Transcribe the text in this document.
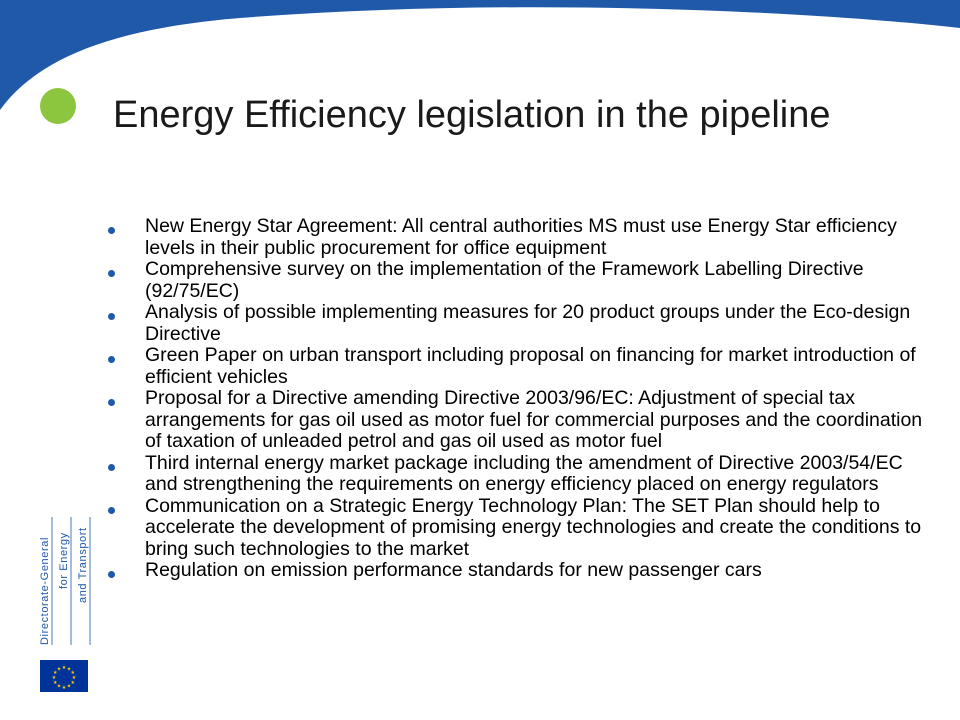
Energy Efficiency legislation in the pipeline
New Energy Star Agreement: All central authorities MS must use Energy Star efficiency levels in their public procurement for office equipment
Comprehensive survey on the implementation of the Framework Labelling Directive (92/75/EC)
Analysis of possible implementing measures for 20 product groups under the Eco-design Directive
Green Paper on urban transport including proposal on financing for market introduction of efficient vehicles
Proposal for a Directive amending Directive 2003/96/EC: Adjustment of special tax arrangements for gas oil used as motor fuel for commercial purposes and the coordination of taxation of unleaded petrol and gas oil used as motor fuel
Third internal energy market package including the amendment of Directive 2003/54/EC and strengthening the requirements on energy efficiency placed on energy regulators
Communication on a Strategic Energy Technology Plan: The SET Plan should help to accelerate the development of promising energy technologies and create the conditions to bring such technologies to the market
Regulation on emission performance standards for new passenger cars
Directorate-General for Energy and Transport
★ ★
★
★
★
★
★
★
★
★
★
★
